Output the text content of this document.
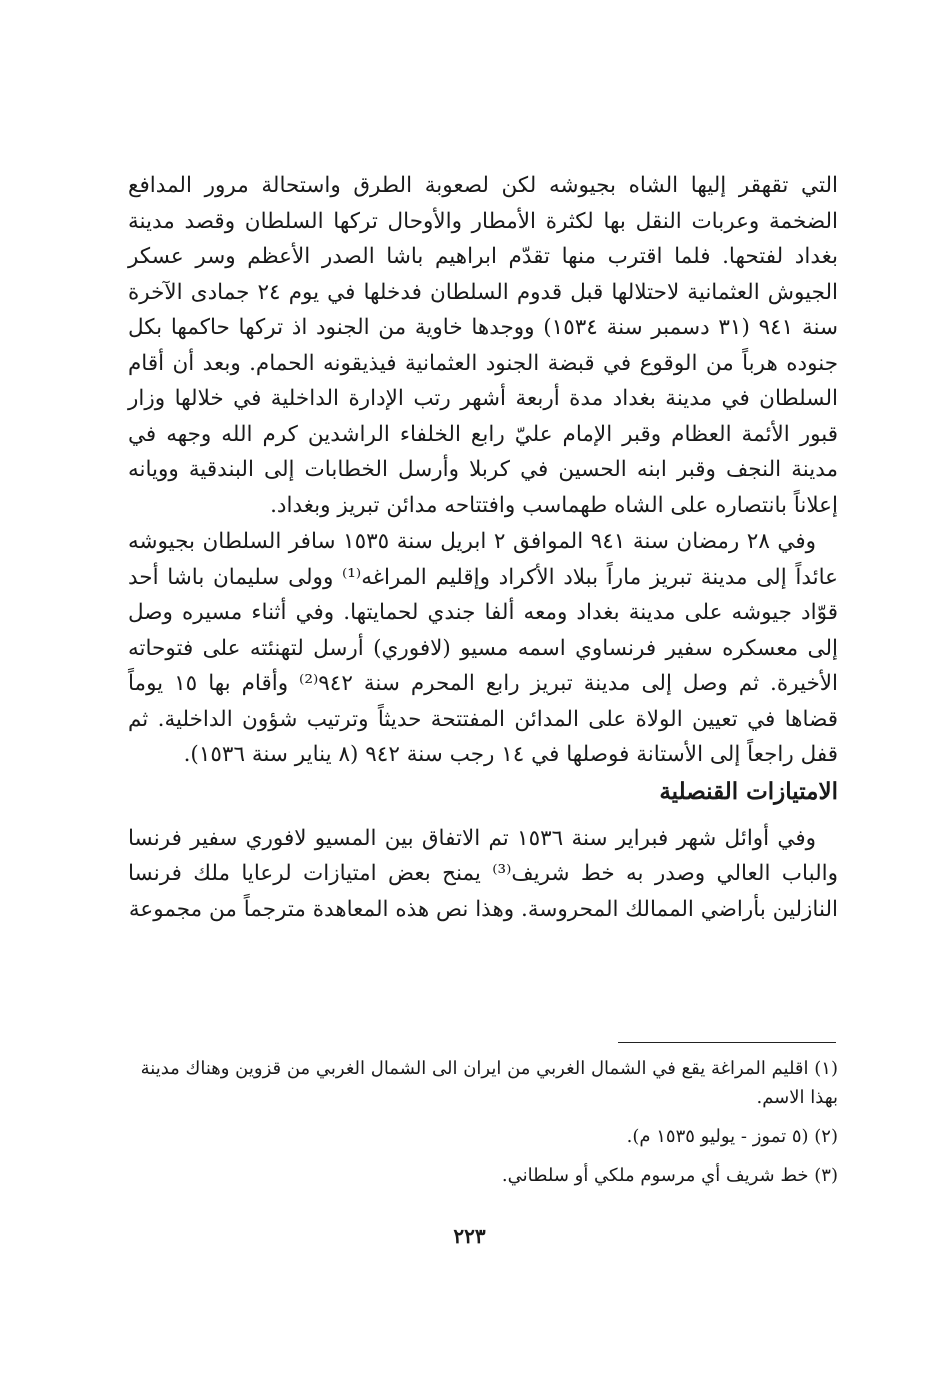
التي تقهقر إليها الشاه بجيوشه لكن لصعوبة الطرق واستحالة مرور المدافع الضخمة وعربات النقل بها لكثرة الأمطار والأوحال تركها السلطان وقصد مدينة بغداد لفتحها. فلما اقترب منها تقدّم ابراهيم باشا الصدر الأعظم وسر عسكر الجيوش العثمانية لاحتلالها قبل قدوم السلطان فدخلها في يوم ٢٤ جمادى الآخرة سنة ٩٤١ (٣١ دسمبر سنة ١٥٣٤) ووجدها خاوية من الجنود اذ تركها حاكمها بكل جنوده هرباً من الوقوع في قبضة الجنود العثمانية فيذيقونه الحمام. وبعد أن أقام السلطان في مدينة بغداد مدة أربعة أشهر رتب الإدارة الداخلية في خلالها وزار قبور الأئمة العظام وقبر الإمام عليّ رابع الخلفاء الراشدين كرم الله وجهه في مدينة النجف وقبر ابنه الحسين في كربلا وأرسل الخطابات إلى البندقية وويانه إعلاناً بانتصاره على الشاه طهماسب وافتتاحه مدائن تبريز وبغداد.

وفي ٢٨ رمضان سنة ٩٤١ الموافق ٢ ابريل سنة ١٥٣٥ سافر السلطان بجيوشه عائداً إلى مدينة تبريز ماراً ببلاد الأكراد وإقليم المراغه⁽¹⁾ وولى سليمان باشا أحد قوّاد جيوشه على مدينة بغداد ومعه ألفا جندي لحمايتها. وفي أثناء مسيره وصل إلى معسكره سفير فرنساوي اسمه مسيو (لافوري) أرسل لتهنئته على فتوحاته الأخيرة. ثم وصل إلى مدينة تبريز رابع المحرم سنة ٩٤٢⁽²⁾ وأقام بها ١٥ يوماً قضاها في تعيين الولاة على المدائن المفتتحة حديثاً وترتيب شؤون الداخلية. ثم قفل راجعاً إلى الأستانة فوصلها في ١٤ رجب سنة ٩٤٢ (٨ يناير سنة ١٥٣٦).

الامتيازات القنصلية

وفي أوائل شهر فبراير سنة ١٥٣٦ تم الاتفاق بين المسيو لافوري سفير فرنسا والباب العالي وصدر به خط شريف⁽³⁾ يمنح بعض امتيازات لرعايا ملك فرنسا النازلين بأراضي الممالك المحروسة. وهذا نص هذه المعاهدة مترجماً من مجموعة

(١) اقليم المراغة يقع في الشمال الغربي من ايران الى الشمال الغربي من قزوين وهناك مدينة بهذا الاسم.

(٢) (٥ تموز - يوليو ١٥٣٥ م).

(٣) خط شريف أي مرسوم ملكي أو سلطاني.

٢٢٣
